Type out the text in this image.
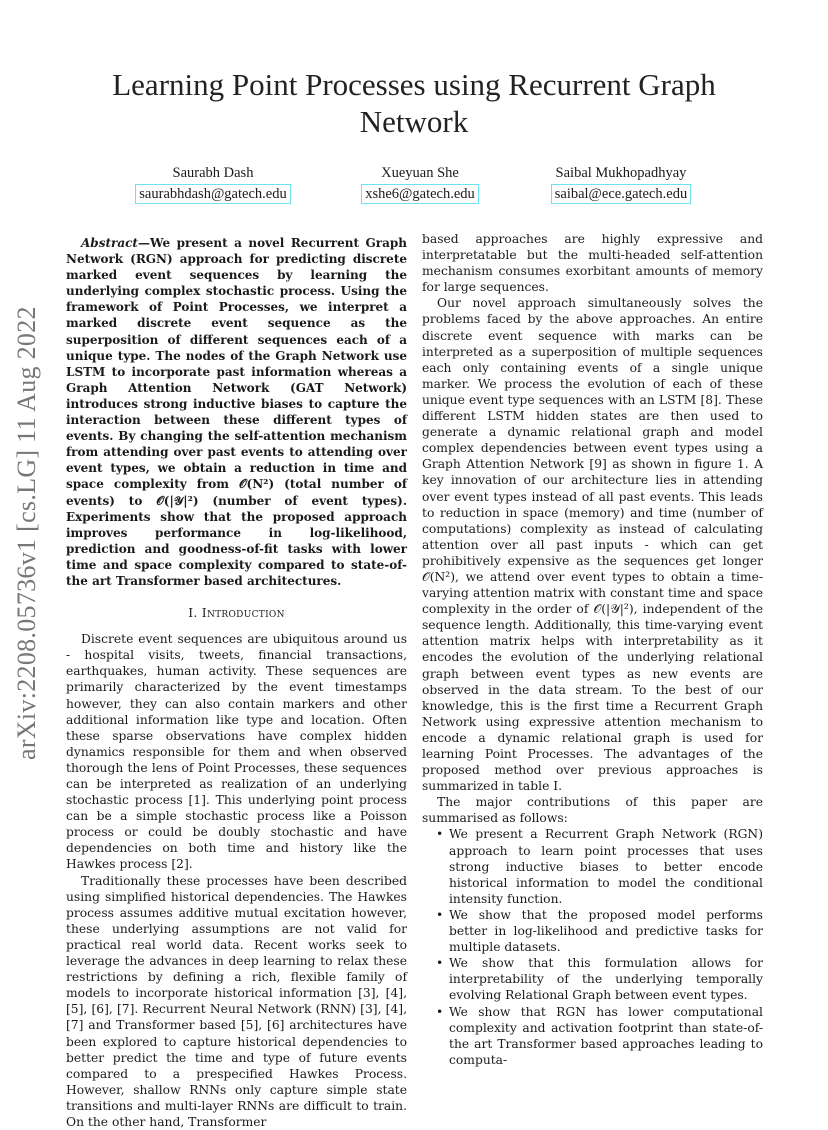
Learning Point Processes using Recurrent Graph Network
Saurabh Dash
saurabhdash@gatech.edu
Xueyuan She
xshe6@gatech.edu
Saibal Mukhopadhyay
saibal@ece.gatech.edu
arXiv:2208.05736v1 [cs.LG] 11 Aug 2022

Abstract—We present a novel Recurrent Graph Network (RGN) approach for predicting discrete marked event sequences by learning the underlying complex stochastic process. Using the framework of Point Processes, we interpret a marked discrete event sequence as the superposition of different sequences each of a unique type. The nodes of the Graph Network use LSTM to incorporate past information whereas a Graph Attention Network (GAT Network) introduces strong inductive biases to capture the interaction between these different types of events. By changing the self-attention mechanism from attending over past events to attending over event types, we obtain a reduction in time and space complexity from 𝒪(N²) (total number of events) to 𝒪(|𝒴|²) (number of event types). Experiments show that the proposed approach improves performance in log-likelihood, prediction and goodness-of-fit tasks with lower time and space complexity compared to state-of-the art Transformer based architectures.

I. Introduction

Discrete event sequences are ubiquitous around us - hospital visits, tweets, financial transactions, earthquakes, human activity. These sequences are primarily characterized by the event timestamps however, they can also contain markers and other additional information like type and location. Often these sparse observations have complex hidden dynamics responsible for them and when observed thorough the lens of Point Processes, these sequences can be interpreted as realization of an underlying stochastic process [1]. This underlying point process can be a simple stochastic process like a Poisson process or could be doubly stochastic and have dependencies on both time and history like the Hawkes process [2].

Traditionally these processes have been described using simplified historical dependencies. The Hawkes process assumes additive mutual excitation however, these underlying assumptions are not valid for practical real world data. Recent works seek to leverage the advances in deep learning to relax these restrictions by defining a rich, flexible family of models to incorporate historical information [3], [4], [5], [6], [7]. Recurrent Neural Network (RNN) [3], [4], [7] and Transformer based [5], [6] architectures have been explored to capture historical dependencies to better predict the time and type of future events compared to a prespecified Hawkes Process. However, shallow RNNs only capture simple state transitions and multi-layer RNNs are difficult to train. On the other hand, Transformer

based approaches are highly expressive and interpretatable but the multi-headed self-attention mechanism consumes exorbitant amounts of memory for large sequences.

Our novel approach simultaneously solves the problems faced by the above approaches. An entire discrete event sequence with marks can be interpreted as a superposition of multiple sequences each only containing events of a single unique marker. We process the evolution of each of these unique event type sequences with an LSTM [8]. These different LSTM hidden states are then used to generate a dynamic relational graph and model complex dependencies between event types using a Graph Attention Network [9] as shown in figure 1. A key innovation of our architecture lies in attending over event types instead of all past events. This leads to reduction in space (memory) and time (number of computations) complexity as instead of calculating attention over all past inputs - which can get prohibitively expensive as the sequences get longer 𝒪(N²), we attend over event types to obtain a time-varying attention matrix with constant time and space complexity in the order of 𝒪(|𝒴|²), independent of the sequence length. Additionally, this time-varying event attention matrix helps with interpretability as it encodes the evolution of the underlying relational graph between event types as new events are observed in the data stream. To the best of our knowledge, this is the first time a Recurrent Graph Network using expressive attention mechanism to encode a dynamic relational graph is used for learning Point Processes. The advantages of the proposed method over previous approaches is summarized in table I.

The major contributions of this paper are summarised as follows:

• We present a Recurrent Graph Network (RGN) approach to learn point processes that uses strong inductive biases to better encode historical information to model the conditional intensity function.
• We show that the proposed model performs better in log-likelihood and predictive tasks for multiple datasets.
• We show that this formulation allows for interpretability of the underlying temporally evolving Relational Graph between event types.
• We show that RGN has lower computational complexity and activation footprint than state-of-the art Transformer based approaches leading to computa-
